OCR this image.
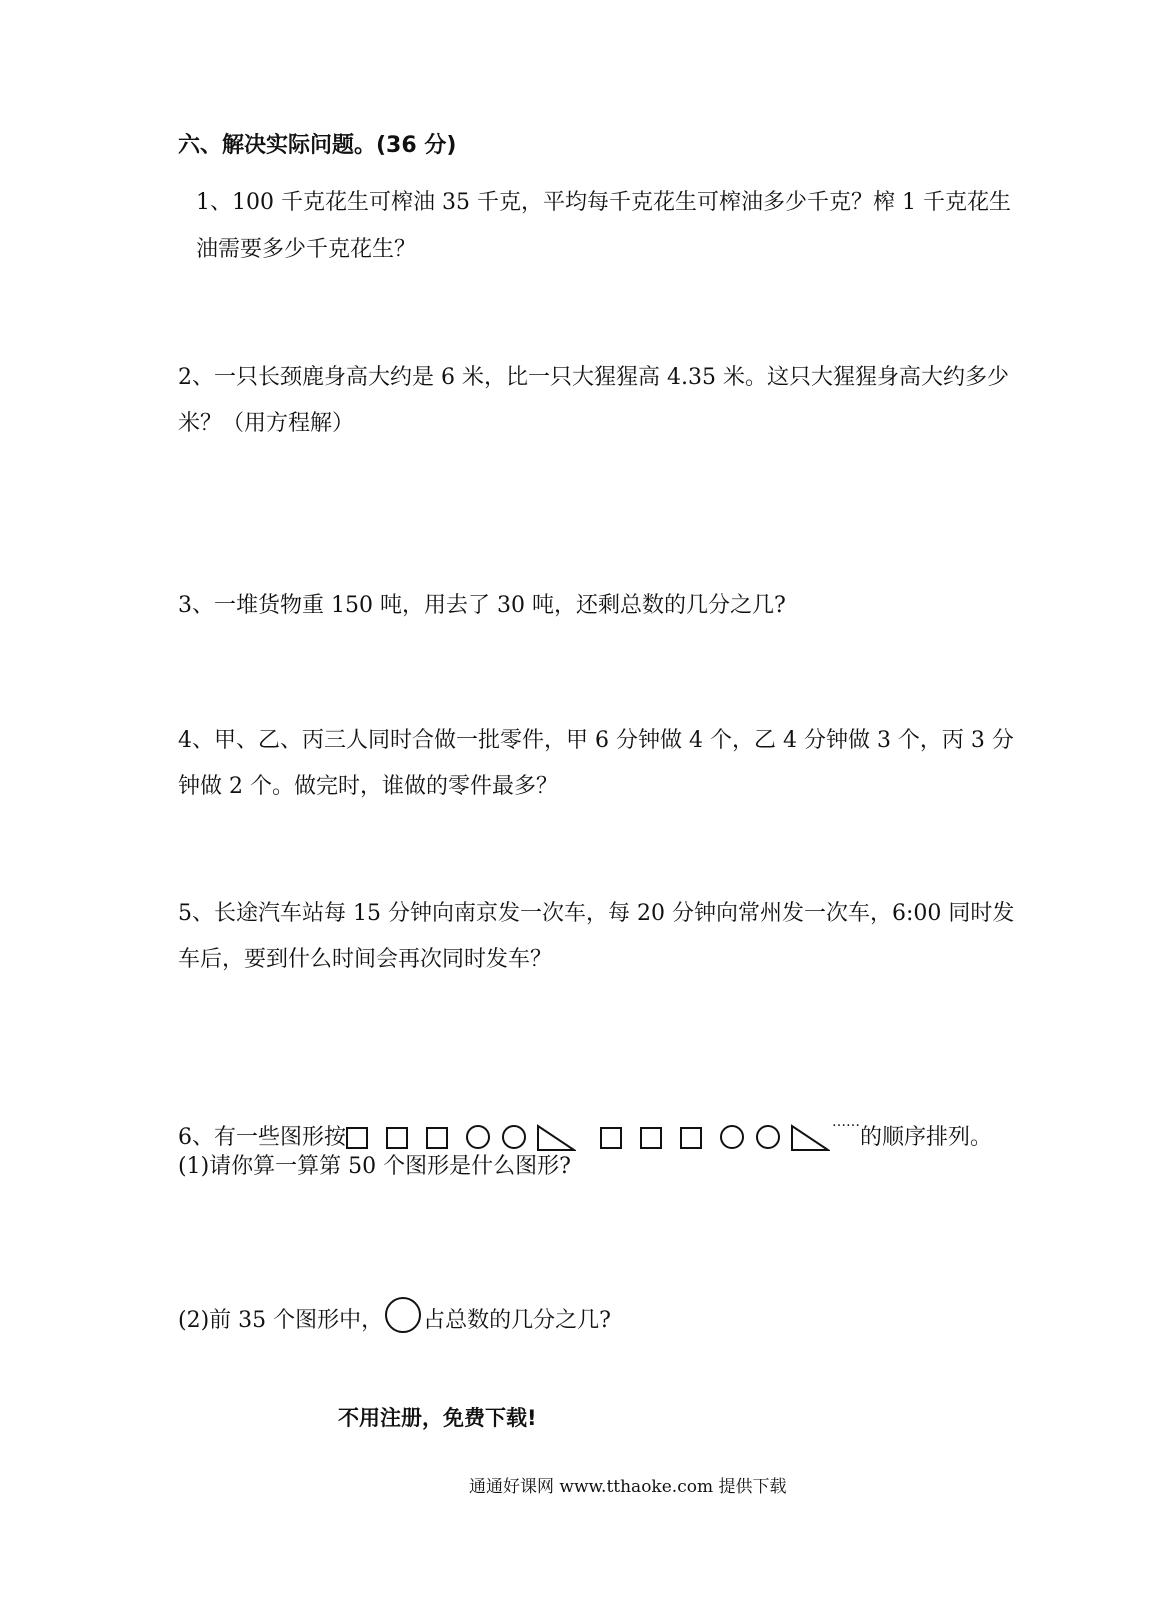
六、解决实际问题。(36 分)
1、100 千克花生可榨油 35 千克，平均每千克花生可榨油多少千克？榨 1 千克花生
油需要多少千克花生？
2、一只长颈鹿身高大约是 6 米，比一只大猩猩高 4.35 米。这只大猩猩身高大约多少
米？（用方程解）
3、一堆货物重 150 吨，用去了 30 吨，还剩总数的几分之几?
4、甲、乙、丙三人同时合做一批零件，甲 6 分钟做 4 个，乙 4 分钟做 3 个，丙 3 分
钟做 2 个。做完时，谁做的零件最多？
5、长途汽车站每 15 分钟向南京发一次车，每 20 分钟向常州发一次车，6:00 同时发
车后，要到什么时间会再次同时发车？
6、有一些图形按
……
的顺序排列。
(1)请你算一算第 50 个图形是什么图形?
(2)前 35 个图形中， 占总数的几分之几?
不用注册，免费下载!
通通好课网 www.tthaoke.com 提供下载
